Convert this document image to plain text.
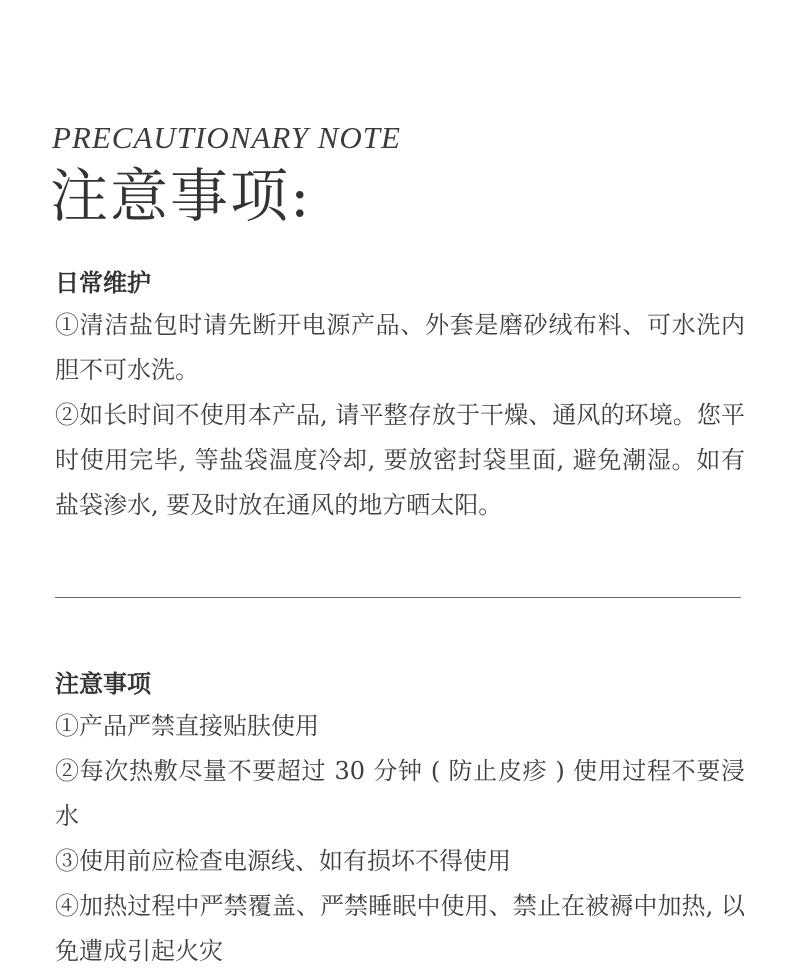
PRECAUTIONARY NOTE
注意事项:

日常维护

①清洁盐包时请先断开电源产品、外套是磨砂绒布料、可水洗内胆不可水洗。

②如长时间不使用本产品, 请平整存放于干燥、通风的环境。您平时使用完毕, 等盐袋温度冷却, 要放密封袋里面, 避免潮湿。如有盐袋渗水, 要及时放在通风的地方晒太阳。

注意事项

①产品严禁直接贴肤使用

②每次热敷尽量不要超过 30 分钟 ( 防止皮疹 ) 使用过程不要浸水

③使用前应检查电源线、如有损坏不得使用

④加热过程中严禁覆盖、严禁睡眠中使用、禁止在被褥中加热, 以免遭成引起火灾
